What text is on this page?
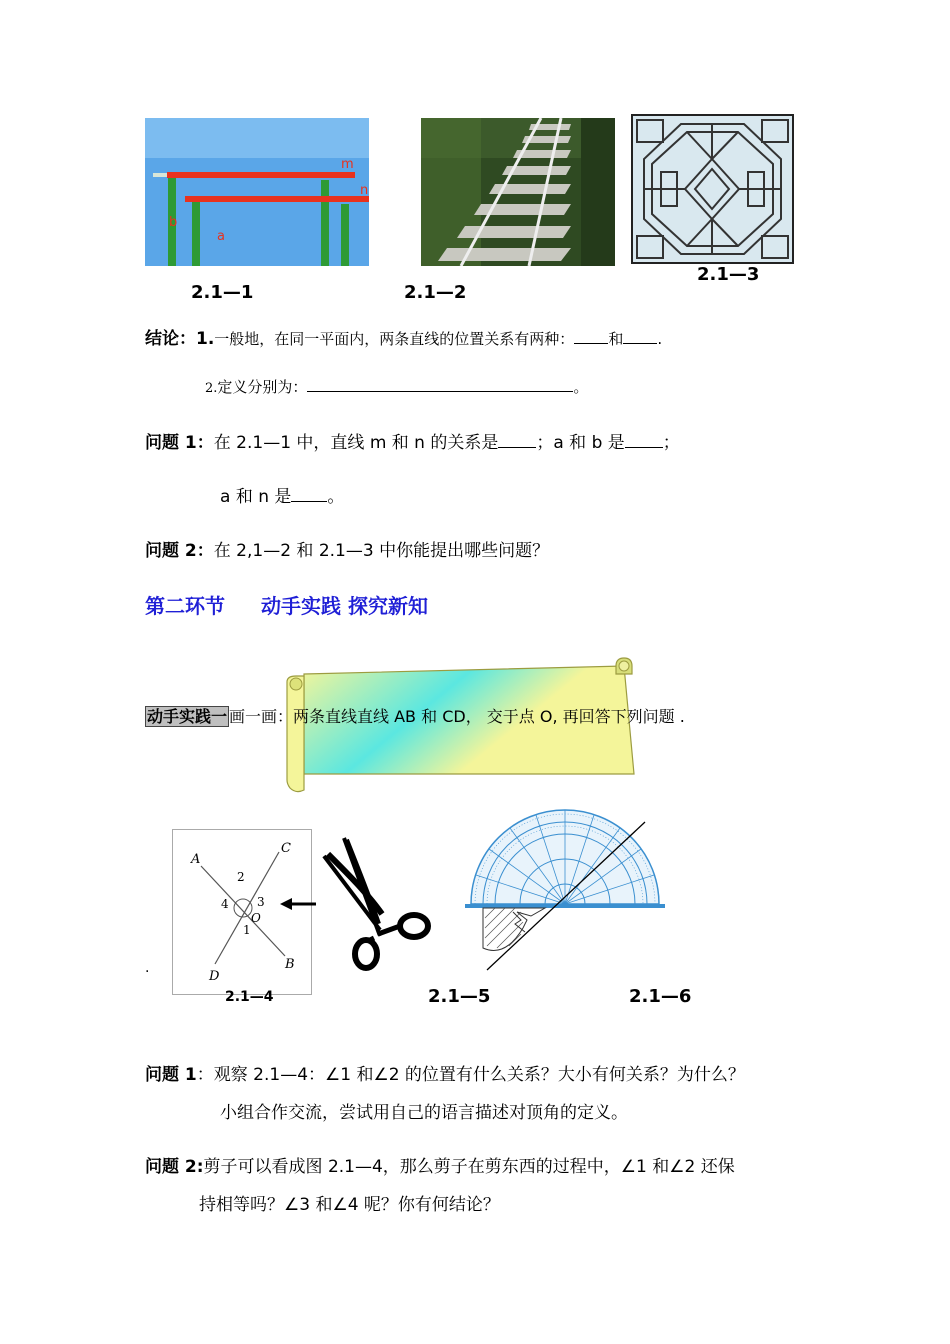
m
n
b
a
2.1—1	2.1—2
2.1—3
结论：1.一般地，在同一平面内，两条直线的位置关系有两种： 和 .
2.定义分别为：	。
问题 1：在 2.1—1 中，直线 m 和 n 的关系是 ；a 和 b 是 ；
a 和 n 是 。
问题 2：在 2,1—2 和 2.1—3 中你能提出哪些问题？
第二环节 动手实践 探究新知
动手实践一 画一画：两条直线直线 AB 和 CD， 交于点 O, 再回答下列问题 .
.
A
C
D
B
O
2
3
4
1
2.1—4	2.1—5	2.1—6
问题 1：观察 2.1—4：∠1 和∠2 的位置有什么关系？大小有何关系？为什么？
小组合作交流，尝试用自己的语言描述对顶角的定义。
问题 2:剪子可以看成图 2.1—4，那么剪子在剪东西的过程中，∠1 和∠2 还保
持相等吗？∠3 和∠4 呢？你有何结论？
